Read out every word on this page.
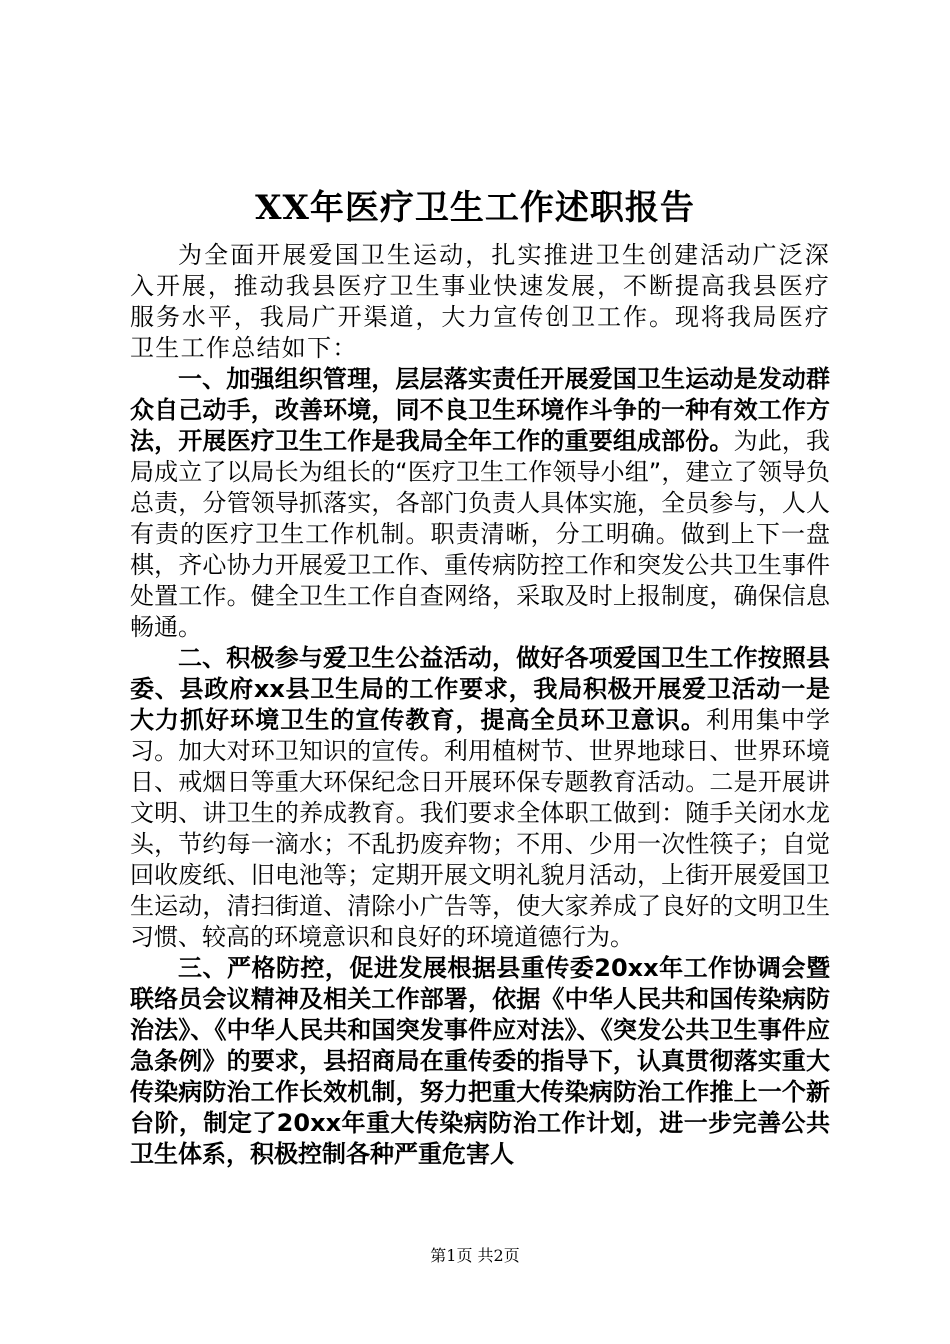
XX年医疗卫生工作述职报告

为全面开展爱国卫生运动，扎实推进卫生创建活动广泛深入开展，推动我县医疗卫生事业快速发展，不断提高我县医疗服务水平，我局广开渠道，大力宣传创卫工作。现将我局医疗卫生工作总结如下：

一、加强组织管理，层层落实责任开展爱国卫生运动是发动群众自己动手，改善环境，同不良卫生环境作斗争的一种有效工作方法，开展医疗卫生工作是我局全年工作的重要组成部份。为此，我局成立了以局长为组长的“医疗卫生工作领导小组”，建立了领导负总责，分管领导抓落实，各部门负责人具体实施，全员参与，人人有责的医疗卫生工作机制。职责清晰，分工明确。做到上下一盘棋，齐心协力开展爱卫工作、重传病防控工作和突发公共卫生事件处置工作。健全卫生工作自查网络，采取及时上报制度，确保信息畅通。

二、积极参与爱卫生公益活动，做好各项爱国卫生工作按照县委、县政府xx县卫生局的工作要求，我局积极开展爱卫活动一是大力抓好环境卫生的宣传教育，提高全员环卫意识。利用集中学习。加大对环卫知识的宣传。利用植树节、世界地球日、世界环境日、戒烟日等重大环保纪念日开展环保专题教育活动。二是开展讲文明、讲卫生的养成教育。我们要求全体职工做到：随手关闭水龙头，节约每一滴水；不乱扔废弃物；不用、少用一次性筷子；自觉回收废纸、旧电池等；定期开展文明礼貌月活动，上街开展爱国卫生运动，清扫街道、清除小广告等，使大家养成了良好的文明卫生习惯、较高的环境意识和良好的环境道德行为。

三、严格防控，促进发展根据县重传委20xx年工作协调会暨联络员会议精神及相关工作部署，依据《中华人民共和国传染病防治法》、《中华人民共和国突发事件应对法》、《突发公共卫生事件应急条例》的要求，县招商局在重传委的指导下，认真贯彻落实重大传染病防治工作长效机制，努力把重大传染病防治工作推上一个新台阶，制定了20xx年重大传染病防治工作计划，进一步完善公共卫生体系，积极控制各种严重危害人

第1页 共2页
